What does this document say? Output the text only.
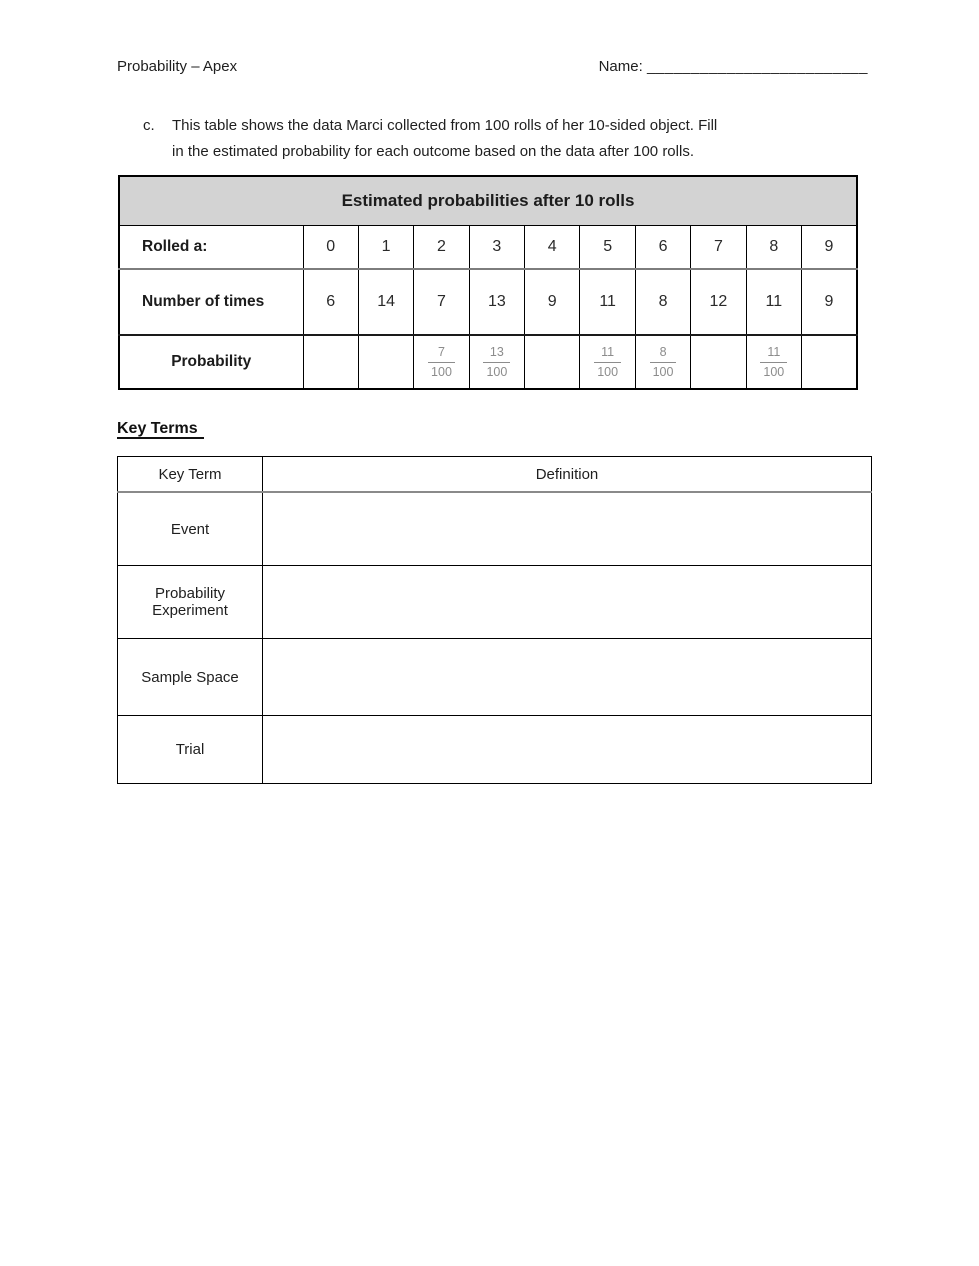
Probability – Apex	Name: _________________________
c.	This table shows the data Marci collected from 100 rolls of her 10-sided object. Fill
in the estimated probability for each outcome based on the data after 100 rolls.
Estimated probabilities after 10 rolls										
Rolled a:	0	1	2	3	4	5	6	7	8	9
Number of times	6	14	7	13	9	11	8	12	11	9
Probability			$\frac{7}{100}$	$\frac{13}{100}$		$\frac{11}{100}$	$\frac{8}{100}$		$\frac{11}{100}$

Key Terms
Key Term	Definition
Event	
Probability Experiment	
Sample Space	
Trial	
